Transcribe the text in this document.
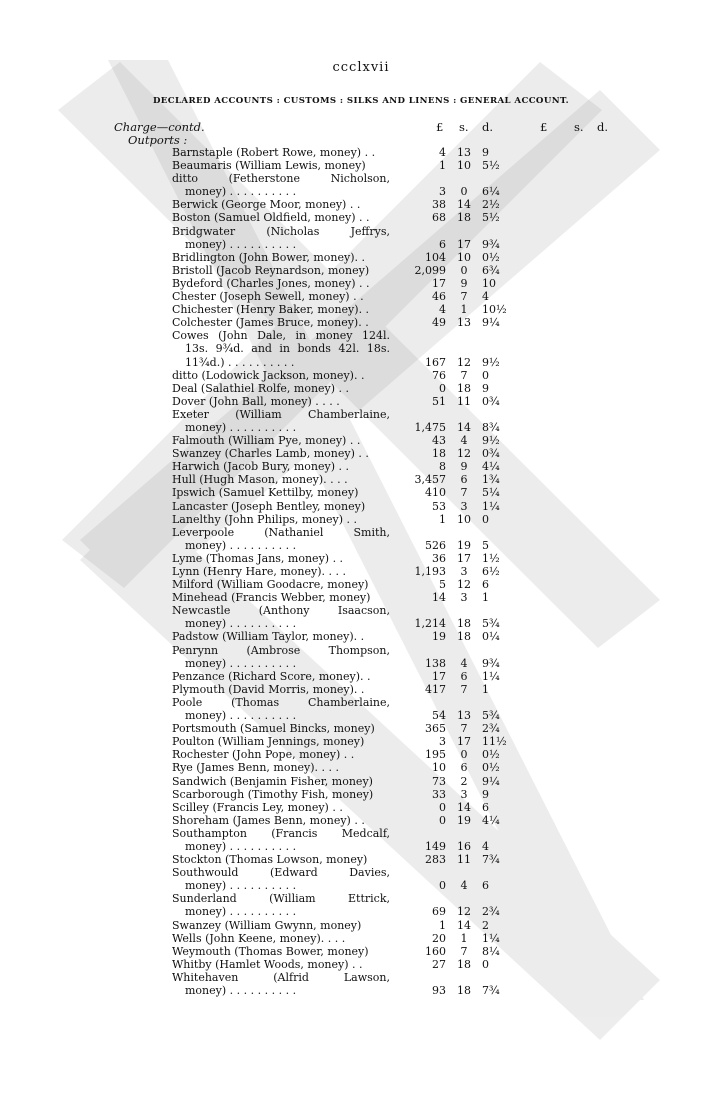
ccclxvii
DECLARED ACCOUNTS : CUSTOMS : SILKS AND LINENS : GENERAL ACCOUNT.
Charge—contd.
Outports :
£ s. d.	£ s. d.
Barnstaple (Robert Rowe, money) . .	4	13	9
Beaumaris (William Lewis, money)	1	10	5½
ditto (Fetherstone Nicholson,
money) . . . . . . . . . .	3	0	6¼
Berwick (George Moor, money) . .	38	14	2½
Boston (Samuel Oldfield, money) . .	68	18	5½
Bridgwater (Nicholas Jeffrys,
money) . . . . . . . . . .	6	17	9¾
Bridlington (John Bower, money). .	104	10	0½
Bristoll (Jacob Reynardson, money)	2,099	0	6¾
Bydeford (Charles Jones, money) . .	17	9	10
Chester (Joseph Sewell, money) . .	46	7	4
Chichester (Henry Baker, money). .	4	1	10½
Colchester (James Bruce, money). .	49	13	9¼
Cowes (John Dale, in money 124l.
13s. 9¾d. and in bonds 42l. 18s.
11¾d.) . . . . . . . . . .	167	12	9½
ditto (Lodowick Jackson, money). .	76	7	0
Deal (Salathiel Rolfe, money) . .	0	18	9
Dover (John Ball, money) . . . .	51	11	0¾
Exeter (William Chamberlaine,
money) . . . . . . . . . .	1,475	14	8¾
Falmouth (William Pye, money) . .	43	4	9½
Swanzey (Charles Lamb, money) . .	18	12	0¾
Harwich (Jacob Bury, money) . .	8	9	4¼
Hull (Hugh Mason, money). . . .	3,457	6	1¾
Ipswich (Samuel Kettilby, money)	410	7	5¼
Lancaster (Joseph Bentley, money)	53	3	1¼
Lanelthy (John Philips, money) . .	1	10	0
Leverpoole (Nathaniel Smith,
money) . . . . . . . . . .	526	19	5
Lyme (Thomas Jans, money) . .	36	17	1½
Lynn (Henry Hare, money). . . .	1,193	3	6½
Milford (William Goodacre, money)	5	12	6
Minehead (Francis Webber, money)	14	3	1
Newcastle (Anthony Isaacson,
money) . . . . . . . . . .	1,214	18	5¾
Padstow (William Taylor, money). .	19	18	0¼
Penrynn (Ambrose Thompson,
money) . . . . . . . . . .	138	4	9¾
Penzance (Richard Score, money). .	17	6	1¼
Plymouth (David Morris, money). .	417	7	1
Poole (Thomas Chamberlaine,
money) . . . . . . . . . .	54	13	5¾
Portsmouth (Samuel Bincks, money)	365	7	2¾
Poulton (William Jennings, money)	3	17	11½
Rochester (John Pope, money) . .	195	0	0½
Rye (James Benn, money). . . .	10	6	0½
Sandwich (Benjamin Fisher, money)	73	2	9¼
Scarborough (Timothy Fish, money)	33	3	9
Scilley (Francis Ley, money) . .	0	14	6
Shoreham (James Benn, money) . .	0	19	4¼
Southampton (Francis Medcalf,
money) . . . . . . . . . .	149	16	4
Stockton (Thomas Lowson, money)	283	11	7¾
Southwould (Edward Davies,
money) . . . . . . . . . .	0	4	6
Sunderland (William Ettrick,
money) . . . . . . . . . .	69	12	2¾
Swanzey (William Gwynn, money)	1	14	2
Wells (John Keene, money). . . .	20	1	1¼
Weymouth (Thomas Bower, money)	160	7	8¼
Whitby (Hamlet Woods, money) . .	27	18	0
Whitehaven (Alfrid Lawson,
money) . . . . . . . . . .	93	18	7¾
